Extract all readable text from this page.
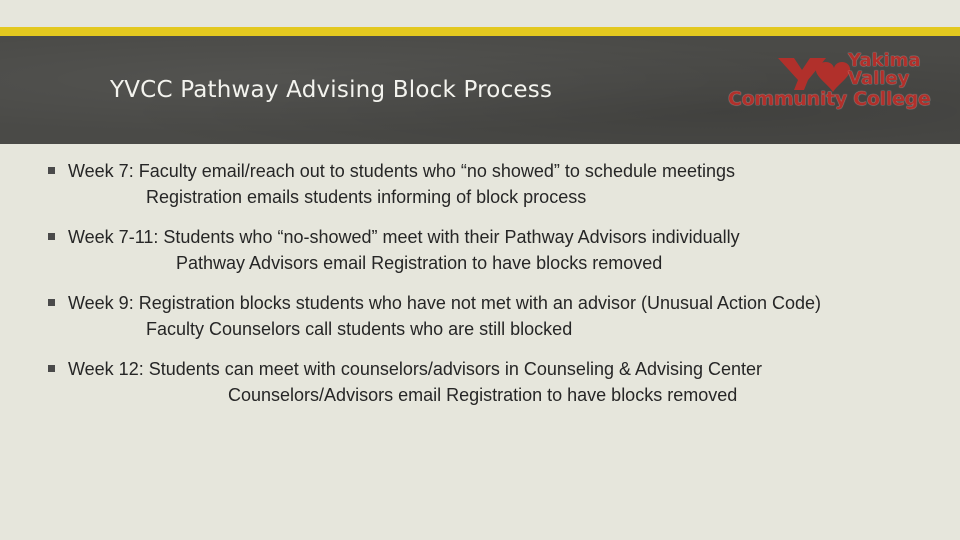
YVCC Pathway Advising Block Process
Yakima
Valley
Community College
Week 7: Faculty email/reach out to students who “no showed” to schedule meetings
Registration emails students informing of block process
Week 7-11: Students who “no-showed” meet with their Pathway Advisors individually
Pathway Advisors email Registration to have blocks removed
Week 9: Registration blocks students who have not met with an advisor (Unusual Action Code)
Faculty Counselors call students who are still blocked
Week 12: Students can meet with counselors/advisors in Counseling & Advising Center
Counselors/Advisors email Registration to have blocks removed
